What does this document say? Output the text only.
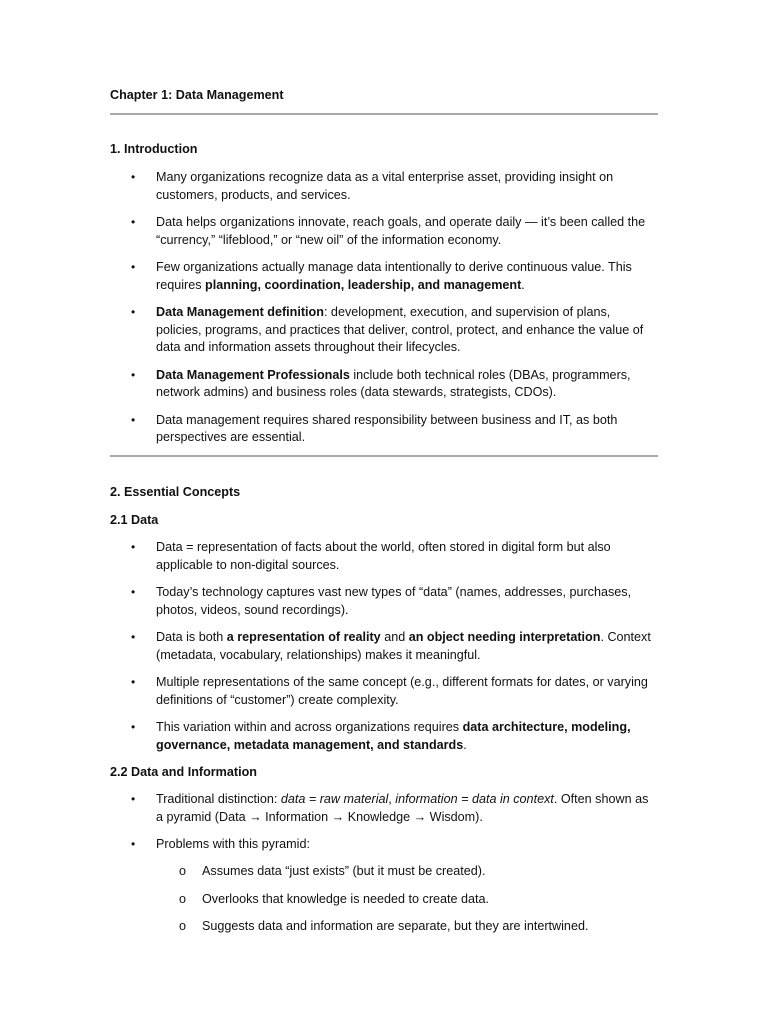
Chapter 1: Data Management
1. Introduction
• Many organizations recognize data as a vital enterprise asset, providing insight on customers, products, and services.
• Data helps organizations innovate, reach goals, and operate daily — it’s been called the “currency,” “lifeblood,” or “new oil” of the information economy.
• Few organizations actually manage data intentionally to derive continuous value. This requires planning, coordination, leadership, and management.
• Data Management definition: development, execution, and supervision of plans, policies, programs, and practices that deliver, control, protect, and enhance the value of data and information assets throughout their lifecycles.
• Data Management Professionals include both technical roles (DBAs, programmers, network admins) and business roles (data stewards, strategists, CDOs).
• Data management requires shared responsibility between business and IT, as both perspectives are essential.
2. Essential Concepts
2.1 Data
• Data = representation of facts about the world, often stored in digital form but also applicable to non-digital sources.
• Today’s technology captures vast new types of “data” (names, addresses, purchases, photos, videos, sound recordings).
• Data is both a representation of reality and an object needing interpretation. Context (metadata, vocabulary, relationships) makes it meaningful.
• Multiple representations of the same concept (e.g., different formats for dates, or varying definitions of “customer”) create complexity.
• This variation within and across organizations requires data architecture, modeling, governance, metadata management, and standards.
2.2 Data and Information
• Traditional distinction: data = raw material, information = data in context. Often shown as a pyramid (Data → Information → Knowledge → Wisdom).
• Problems with this pyramid:
o Assumes data “just exists” (but it must be created).
o Overlooks that knowledge is needed to create data.
o Suggests data and information are separate, but they are intertwined.
